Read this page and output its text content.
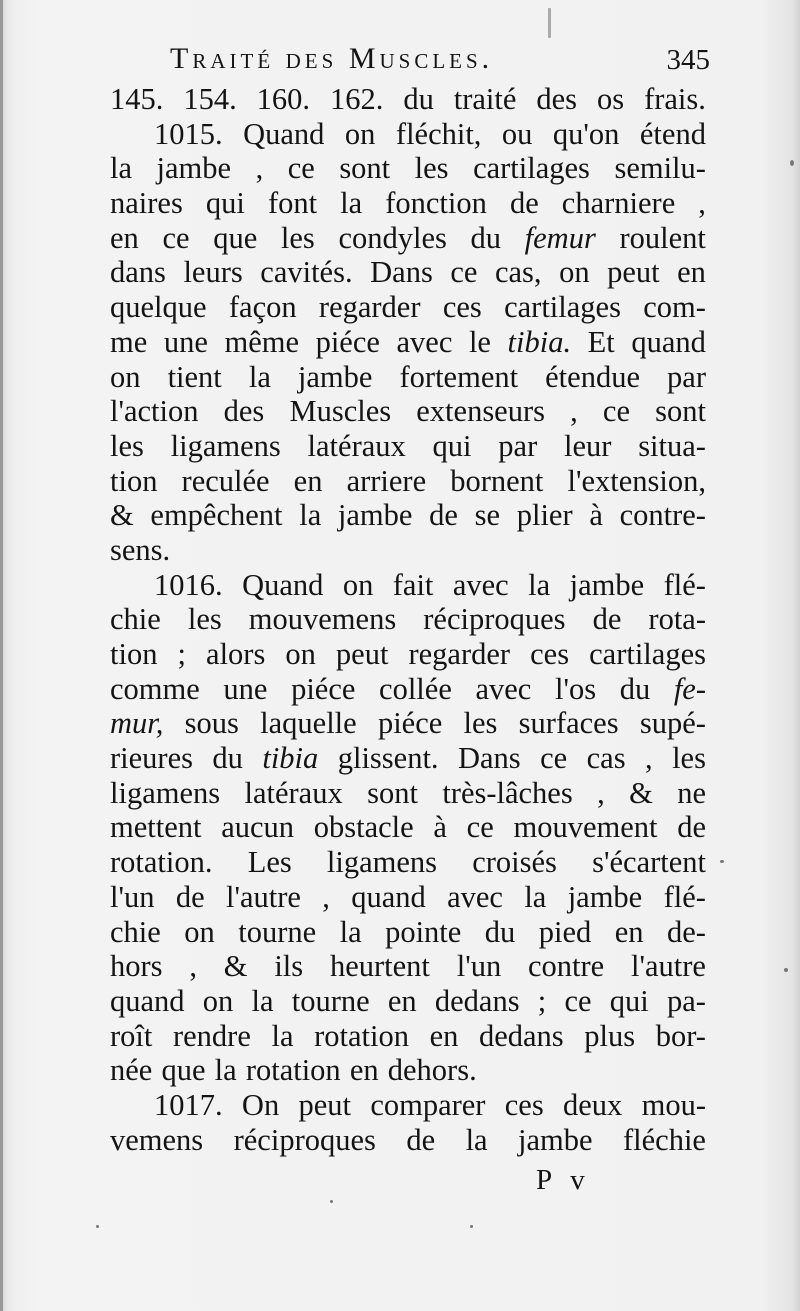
Traité des Muscles.	345
145. 154. 160. 162. du traité des os frais.
1015. Quand on fléchit, ou qu'on étend
la jambe , ce sont les cartilages semilu-
naires qui font la fonction de charniere ,
en ce que les condyles du femur roulent
dans leurs cavités. Dans ce cas, on peut en
quelque façon regarder ces cartilages com-
me une même piéce avec le tibia. Et quand
on tient la jambe fortement étendue par
l'action des Muscles extenseurs , ce sont
les ligamens latéraux qui par leur situa-
tion reculée en arriere bornent l'extension,
& empêchent la jambe de se plier à contre-
sens.
1016. Quand on fait avec la jambe flé-
chie les mouvemens réciproques de rota-
tion ; alors on peut regarder ces cartilages
comme une piéce collée avec l'os du fe-
mur, sous laquelle piéce les surfaces supé-
rieures du tibia glissent. Dans ce cas , les
ligamens latéraux sont très-lâches , & ne
mettent aucun obstacle à ce mouvement de
rotation. Les ligamens croisés s'écartent
l'un de l'autre , quand avec la jambe flé-
chie on tourne la pointe du pied en de-
hors , & ils heurtent l'un contre l'autre
quand on la tourne en dedans ; ce qui pa-
roît rendre la rotation en dedans plus bor-
née que la rotation en dehors.
1017. On peut comparer ces deux mou-
vemens réciproques de la jambe fléchie
P v
